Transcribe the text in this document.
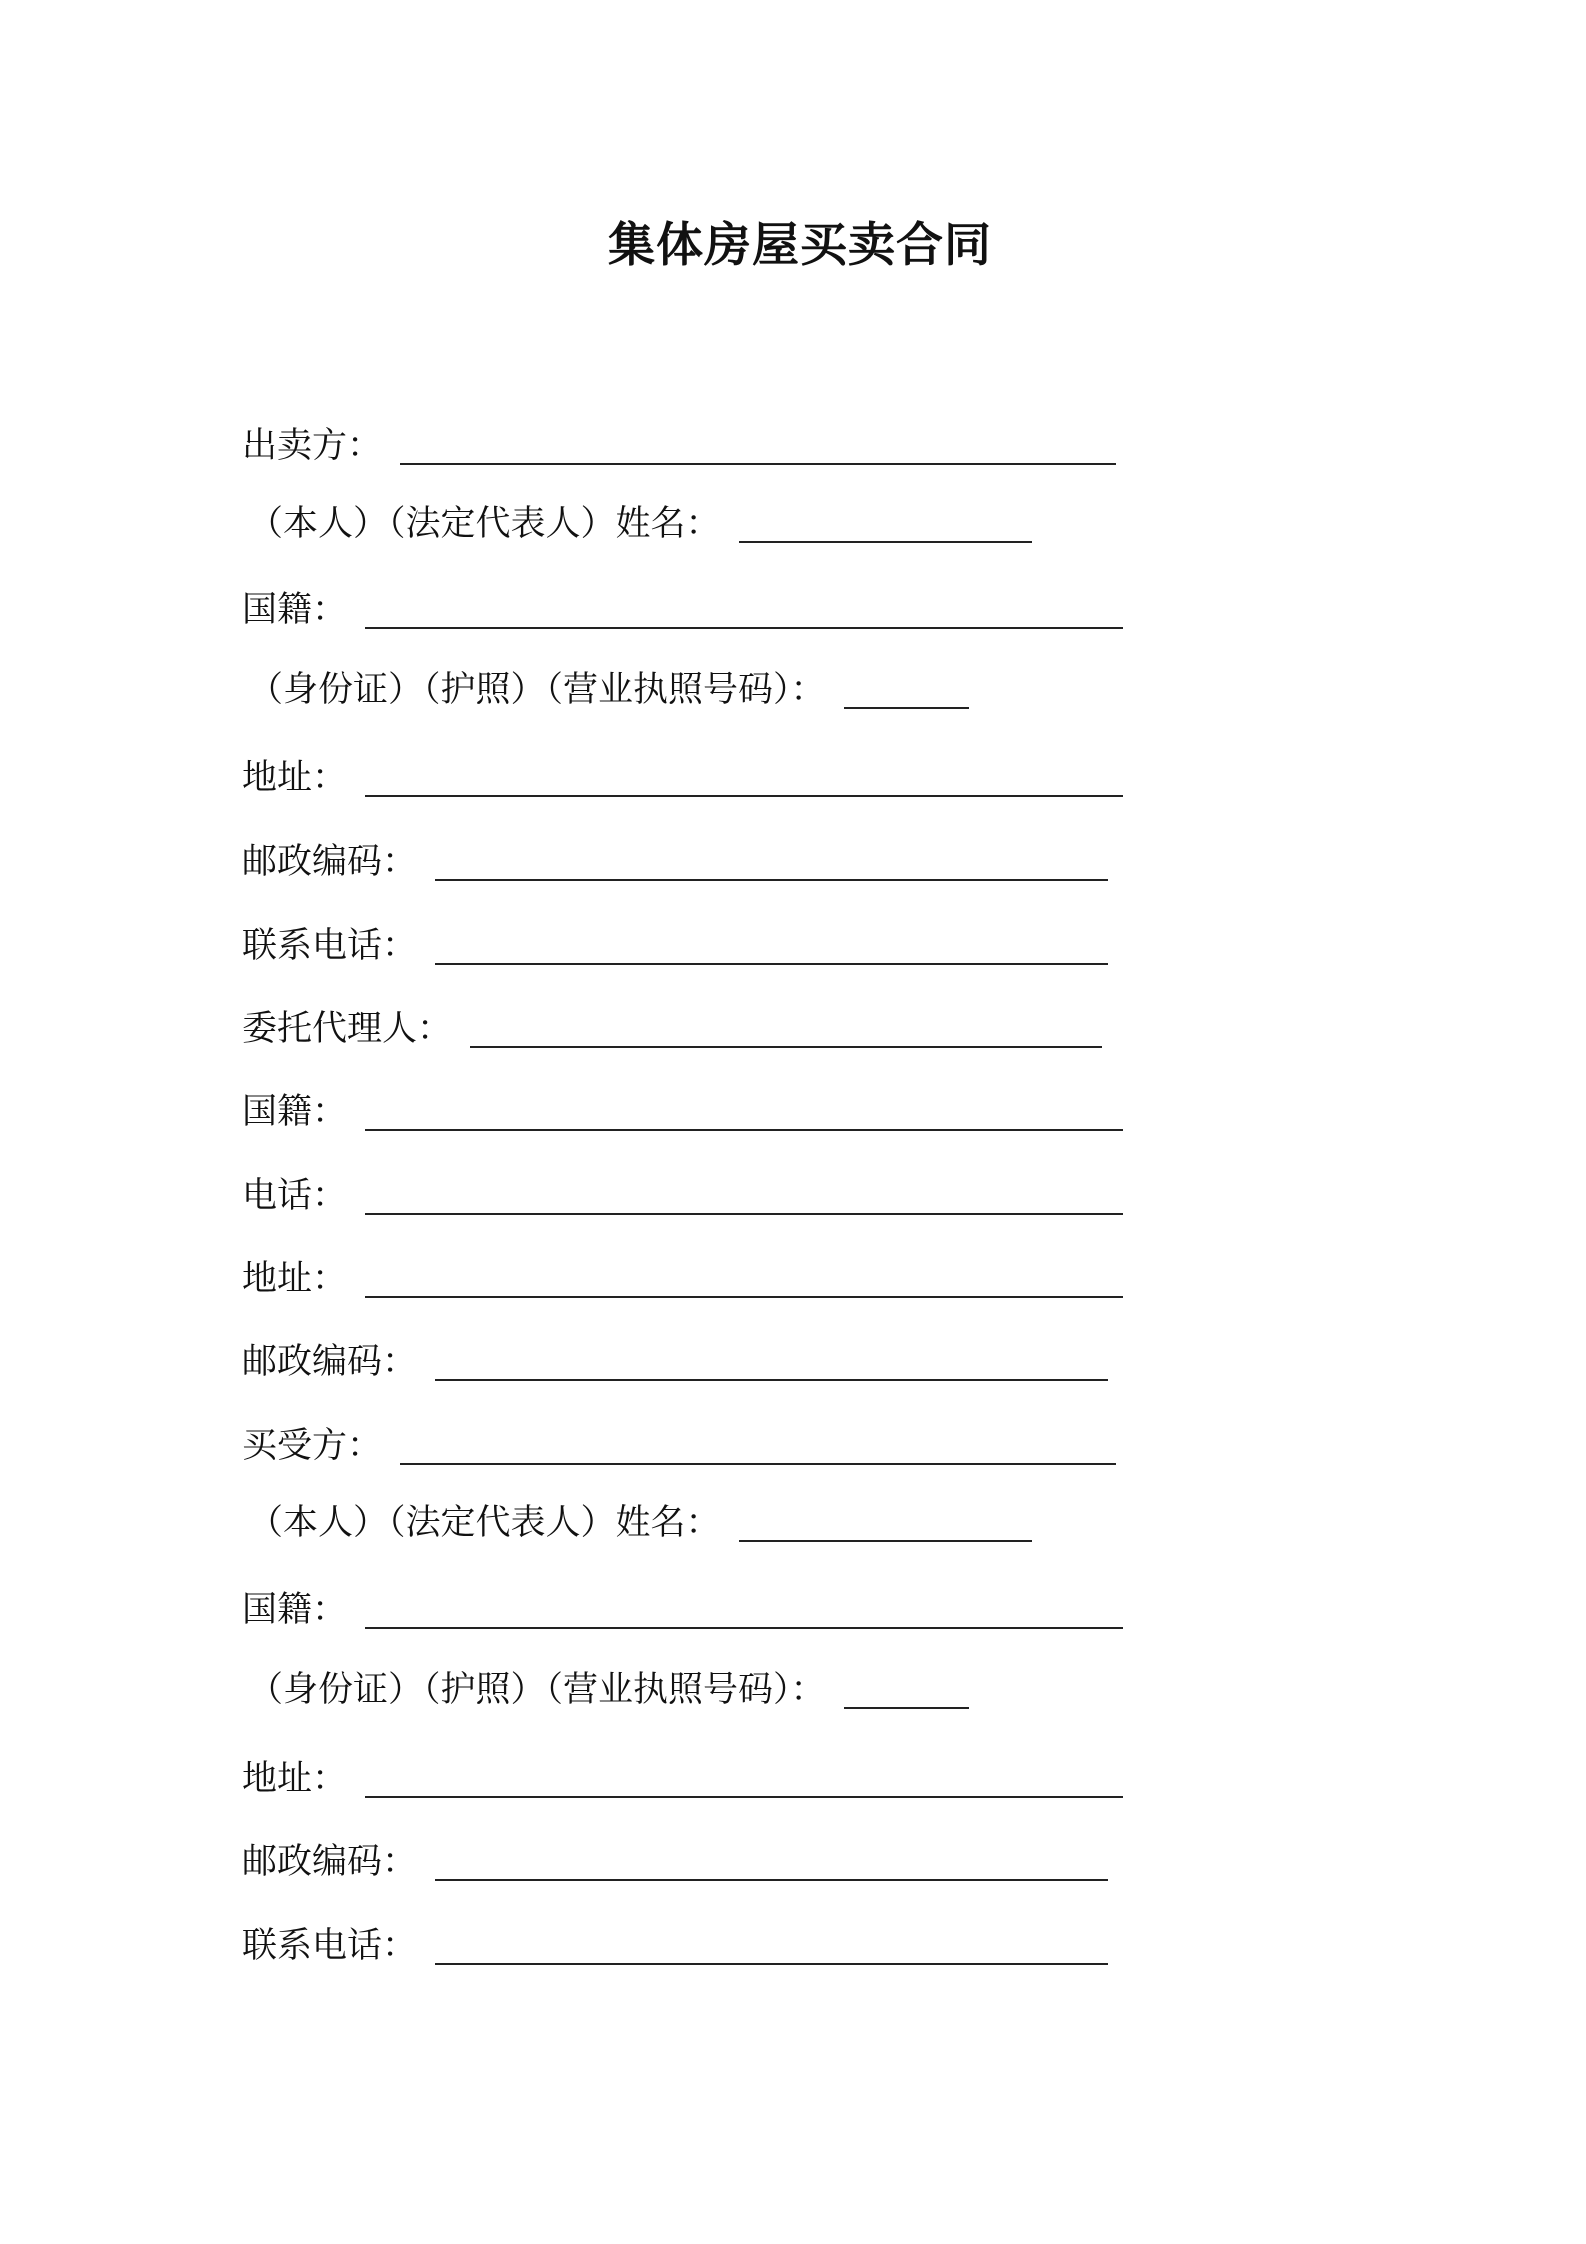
集体房屋买卖合同
出卖方：
（本人）（法定代表人）姓名：
国籍：
（身份证）（护照）（营业执照号码）：
地址：
邮政编码：
联系电话：
委托代理人：
国籍：
电话：
地址：
邮政编码：
买受方：
（本人）（法定代表人）姓名：
国籍：
（身份证）（护照）（营业执照号码）：
地址：
邮政编码：
联系电话：
